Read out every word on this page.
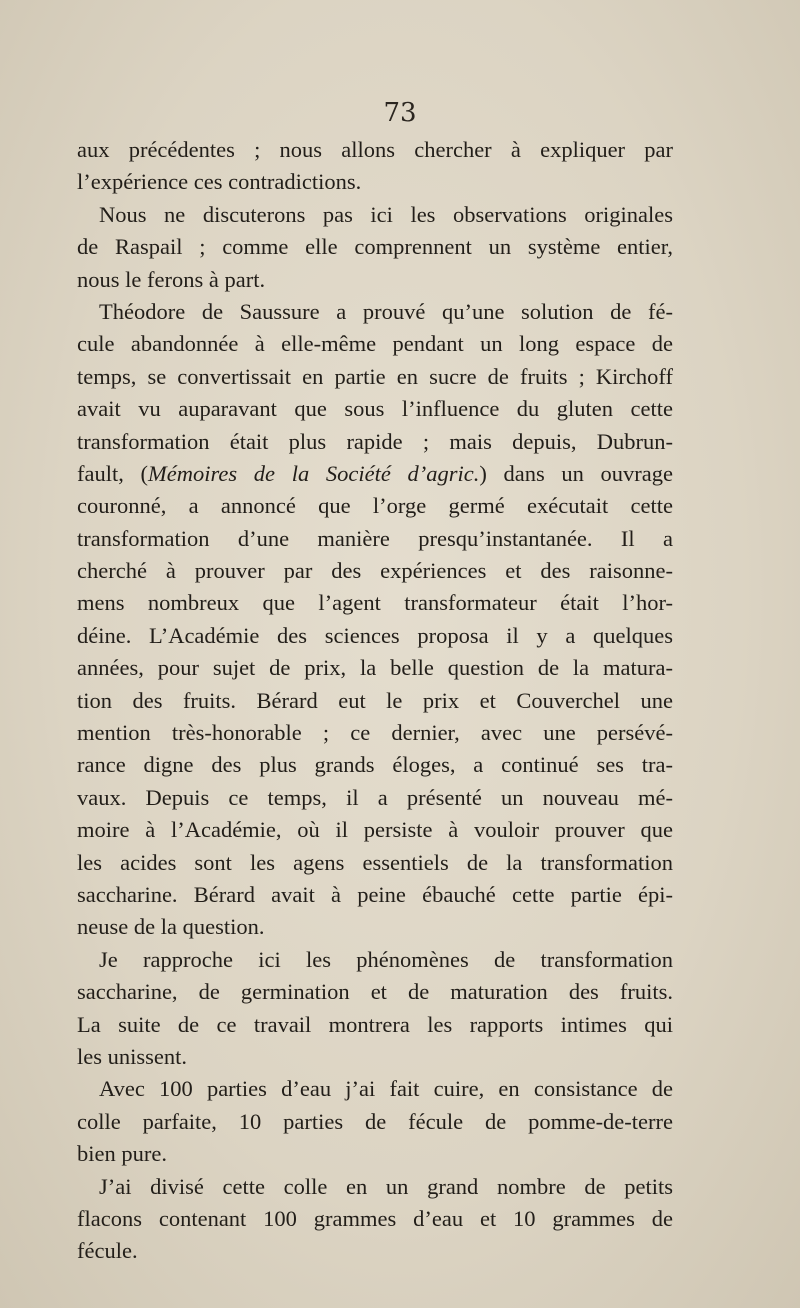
73
aux précédentes ; nous allons chercher à expliquer par
l’expérience ces contradictions.
Nous ne discuterons pas ici les observations originales
de Raspail ; comme elle comprennent un système entier,
nous le ferons à part.
Théodore de Saussure a prouvé qu’une solution de fé-
cule abandonnée à elle-même pendant un long espace de
temps, se convertissait en partie en sucre de fruits ; Kirchoff
avait vu auparavant que sous l’influence du gluten cette
transformation était plus rapide ; mais depuis, Dubrun-
fault, (Mémoires de la Société d’agric.) dans un ouvrage
couronné, a annoncé que l’orge germé exécutait cette
transformation d’une manière presqu’instantanée. Il a
cherché à prouver par des expériences et des raisonne-
mens nombreux que l’agent transformateur était l’hor-
déine. L’Académie des sciences proposa il y a quelques
années, pour sujet de prix, la belle question de la matura-
tion des fruits. Bérard eut le prix et Couverchel une
mention très-honorable ; ce dernier, avec une persévé-
rance digne des plus grands éloges, a continué ses tra-
vaux. Depuis ce temps, il a présenté un nouveau mé-
moire à l’Académie, où il persiste à vouloir prouver que
les acides sont les agens essentiels de la transformation
saccharine. Bérard avait à peine ébauché cette partie épi-
neuse de la question.
Je rapproche ici les phénomènes de transformation
saccharine, de germination et de maturation des fruits.
La suite de ce travail montrera les rapports intimes qui
les unissent.
Avec 100 parties d’eau j’ai fait cuire, en consistance de
colle parfaite, 10 parties de fécule de pomme-de-terre
bien pure.
J’ai divisé cette colle en un grand nombre de petits
flacons contenant 100 grammes d’eau et 10 grammes de
fécule.
